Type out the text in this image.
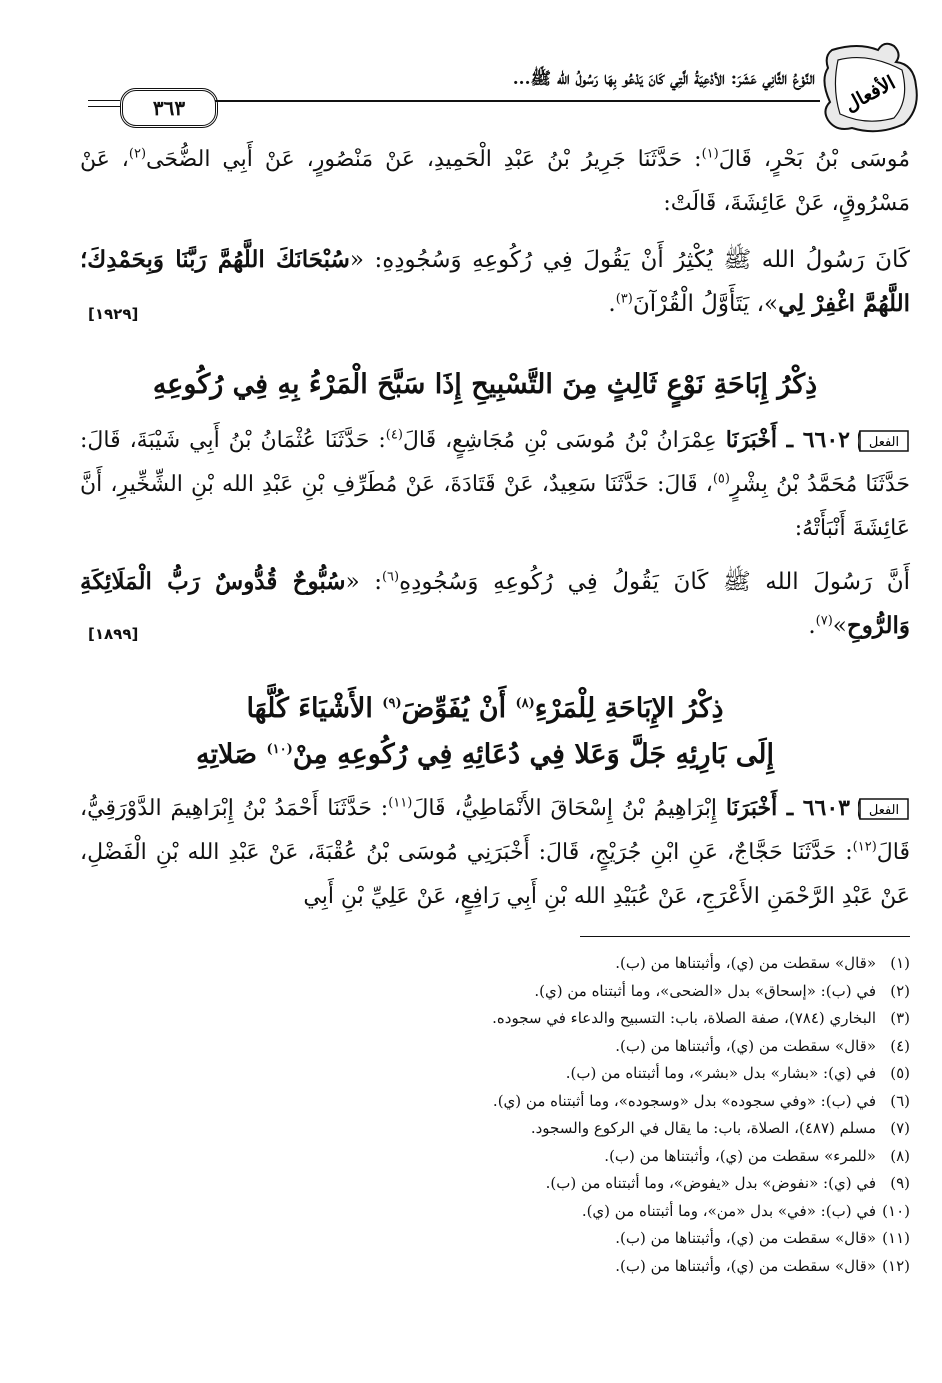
الأفعال
النَّوْعُ الثَّانِي عَشَرَ: الأدْعِيَةُ الَّتِي كَانَ يَدْعُو بِهَا رَسُولُ الله ﷺ...
٣٦٣
مُوسَى بْنُ بَحْرٍ، قَالَ$^{(١)}$: حَدَّثَنَا جَرِيرُ بْنُ عَبْدِ الْحَمِيدِ، عَنْ مَنْصُورٍ، عَنْ أَبِي الضُّحَى$^{(٢)}$، عَنْ مَسْرُوقٍ، عَنْ عَائِشَةَ، قَالَتْ:
كَانَ رَسُولُ الله ﷺ يُكْثِرُ أَنْ يَقُولَ فِي رُكُوعِهِ وَسُجُودِهِ: «سُبْحَانَكَ اللَّهُمَّ رَبَّنَا وَبِحَمْدِكَ؛ اللَّهُمَّ اغْفِرْ لِي»، يَتَأَوَّلُ الْقُرْآنَ$^{(٣)}$.
[١٩٢٩]
ذِكْرُ إِبَاحَةِ نَوْعٍ ثَالِثٍ مِنَ التَّسْبِيحِ إِذَا سَبَّحَ الْمَرْءُ بِهِ فِي رُكُوعِهِ
الفعل
٦٦٠٢ ـ أَخْبَرَنَا عِمْرَانُ بْنُ مُوسَى بْنِ مُجَاشِعٍ، قَالَ$^{(٤)}$: حَدَّثَنَا عُثْمَانُ بْنُ أَبِي شَيْبَةَ، قَالَ: حَدَّثَنَا مُحَمَّدُ بْنُ بِشْرٍ$^{(٥)}$، قَالَ: حَدَّثَنَا سَعِيدٌ، عَنْ قَتَادَةَ، عَنْ مُطَرِّفِ بْنِ عَبْدِ الله بْنِ الشِّخِّيرِ، أَنَّ عَائِشَةَ أَنْبَأَتْهُ:
أَنَّ رَسُولَ الله ﷺ كَانَ يَقُولُ فِي رُكُوعِهِ وَسُجُودِهِ$^{(٦)}$: «سُبُّوحٌ قُدُّوسٌ رَبُّ الْمَلَائِكَةِ وَالرُّوحِ»$^{(٧)}$.
[١٨٩٩]
ذِكْرُ الإِبَاحَةِ لِلْمَرْءِ$^{(٨)}$ أَنْ يُفَوِّضَ$^{(٩)}$ الأَشْيَاءَ كُلَّهَا
إِلَى بَارِئِهِ جَلَّ وَعَلا فِي دُعَائِهِ فِي رُكُوعِهِ مِنْ$^{(١٠)}$ صَلاتِهِ
الفعل
٦٦٠٣ ـ أَخْبَرَنَا إِبْرَاهِيمُ بْنُ إِسْحَاقَ الأَنْمَاطِيُّ، قَالَ$^{(١١)}$: حَدَّثَنَا أَحْمَدُ بْنُ إِبْرَاهِيمَ الدَّوْرَقِيُّ، قَالَ$^{(١٢)}$: حَدَّثَنَا حَجَّاجٌ، عَنِ ابْنِ جُرَيْجٍ، قَالَ: أَخْبَرَنِي مُوسَى بْنُ عُقْبَةَ، عَنْ عَبْدِ الله بْنِ الْفَضْلِ، عَنْ عَبْدِ الرَّحْمَنِ الأَعْرَجِ، عَنْ عُبَيْدِ الله بْنِ أَبِي رَافِعٍ، عَنْ عَلِيِّ بْنِ أَبِي
(١)«قال» سقطت من (ي)، وأثبتناها من (ب).
(٢)في (ب): «إسحاق» بدل «الضحى»، وما أثبتناه من (ي).
(٣)البخاري (٧٨٤)، صفة الصلاة، باب: التسبيح والدعاء في سجوده.
(٤)«قال» سقطت من (ي)، وأثبتناها من (ب).
(٥)في (ي): «بشار» بدل «بشر»، وما أثبتناه من (ب).
(٦)في (ب): «وفي سجوده» بدل «وسجوده»، وما أثبتناه من (ي).
(٧)مسلم (٤٨٧)، الصلاة، باب: ما يقال في الركوع والسجود.
(٨)«للمرء» سقطت من (ي)، وأثبتناها من (ب).
(٩)في (ي): «نفوض» بدل «يفوض»، وما أثبتناه من (ب).
(١٠)في (ب): «في» بدل «من»، وما أثبتناه من (ي).
(١١)«قال» سقطت من (ي)، وأثبتناها من (ب).
(١٢)«قال» سقطت من (ي)، وأثبتناها من (ب).
